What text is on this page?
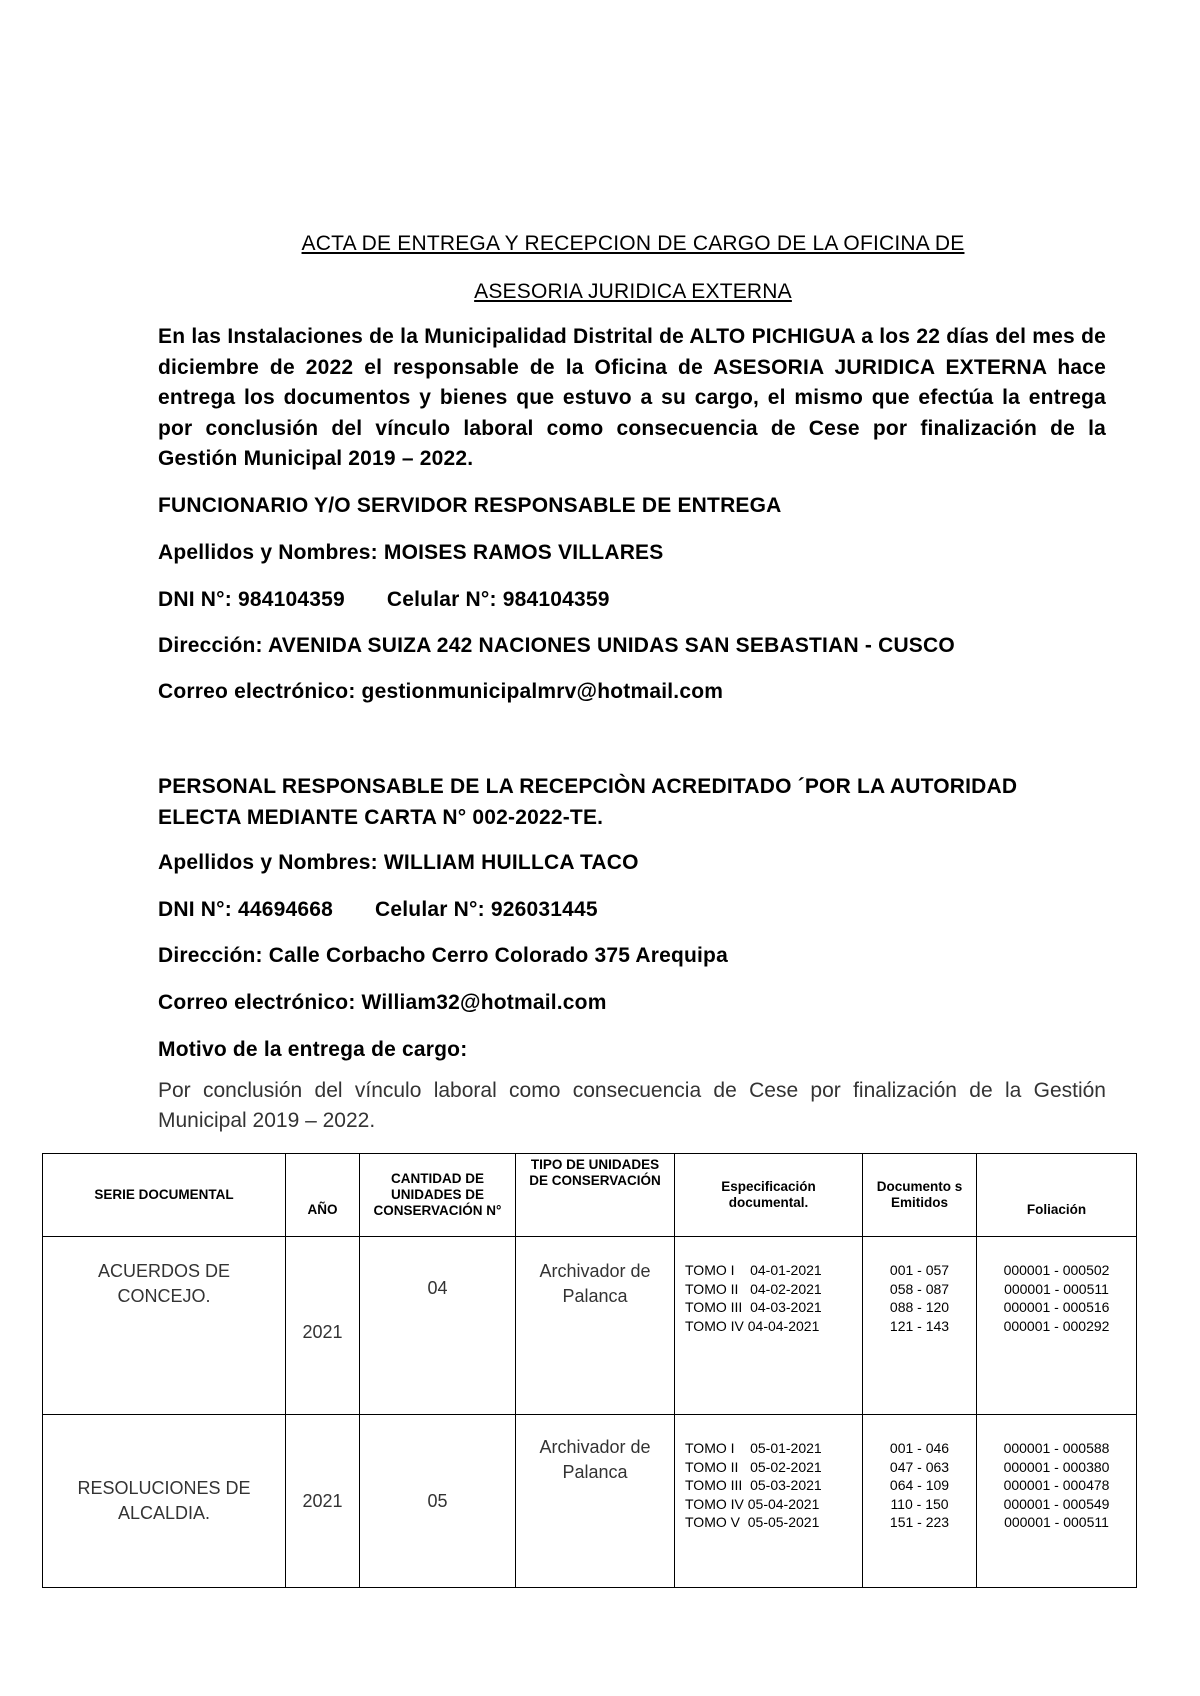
ACTA DE ENTREGA Y RECEPCION DE CARGO DE LA OFICINA DE
ASESORIA JURIDICA EXTERNA
En las Instalaciones de la Municipalidad Distrital de ALTO PICHIGUA a los 22 días del mes de diciembre de 2022 el responsable de la Oficina de ASESORIA JURIDICA EXTERNA hace entrega los documentos y bienes que estuvo a su cargo, el mismo que efectúa la entrega por conclusión del vínculo laboral como consecuencia de Cese por finalización de la Gestión Municipal 2019 – 2022.
FUNCIONARIO Y/O SERVIDOR RESPONSABLE DE ENTREGA
Apellidos y Nombres: MOISES RAMOS VILLARES
DNI N°: 984104359 Celular N°: 984104359
Dirección: AVENIDA SUIZA 242 NACIONES UNIDAS SAN SEBASTIAN - CUSCO
Correo electrónico: gestionmunicipalmrv@hotmail.com
PERSONAL RESPONSABLE DE LA RECEPCIÒN ACREDITADO ´POR LA AUTORIDAD ELECTA MEDIANTE CARTA N° 002-2022-TE.
Apellidos y Nombres: WILLIAM HUILLCA TACO
DNI N°: 44694668 Celular N°: 926031445
Dirección: Calle Corbacho Cerro Colorado 375 Arequipa
Correo electrónico: William32@hotmail.com
Motivo de la entrega de cargo:
Por conclusión del vínculo laboral como consecuencia de Cese por finalización de la Gestión Municipal 2019 – 2022.
SERIE DOCUMENTAL	AÑO	CANTIDAD DE UNIDADES DE CONSERVACIÓN N°	TIPO DE UNIDADES DE CONSERVACIÓN	Especificación documental.	Documento s Emitidos	Foliación
ACUERDOS DE CONCEJO.	2021	04	Archivador de Palanca	TOMO I    04-01-2021
TOMO II   04-02-2021
TOMO III  04-03-2021
TOMO IV 04-04-2021	001 - 057
058 - 087
088 - 120
121 - 143	000001 - 000502
000001 - 000511
000001 - 000516
000001 - 000292
RESOLUCIONES DE ALCALDIA.	2021	05	Archivador de Palanca	TOMO I    05-01-2021
TOMO II   05-02-2021
TOMO III  05-03-2021
TOMO IV 05-04-2021
TOMO V  05-05-2021	001 - 046
047 - 063
064 - 109
110 - 150
151 - 223	000001 - 000588
000001 - 000380
000001 - 000478
000001 - 000549
000001 - 000511
